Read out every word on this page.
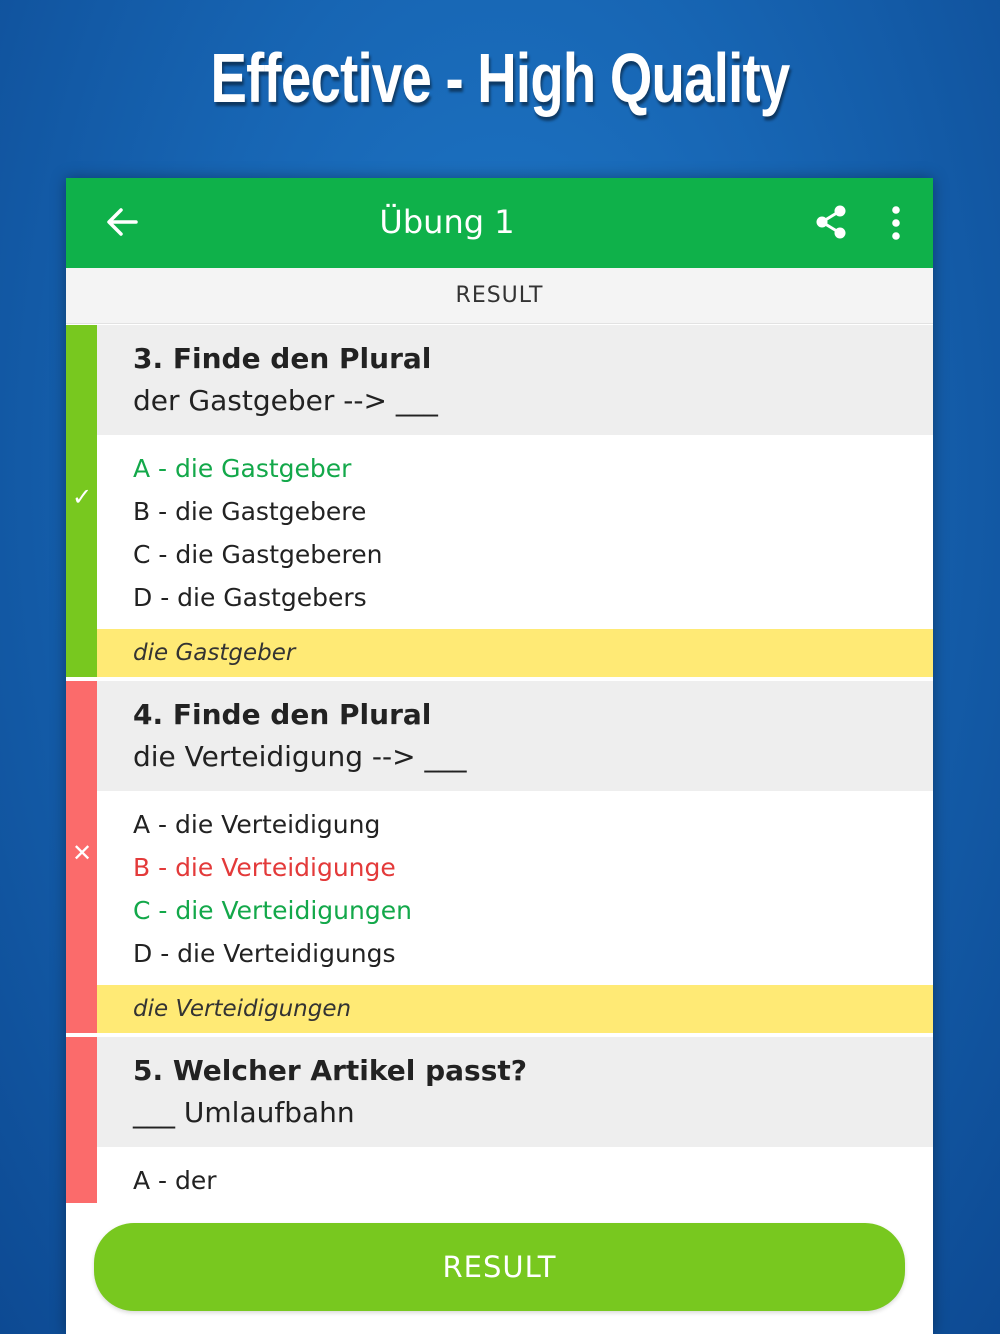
Effective - High Quality
Übung 1
RESULT
✓
3. Finde den Plural
der Gastgeber --> ___
A - die Gastgeber
B - die Gastgebere
C - die Gastgeberen
D - die Gastgebers
die Gastgeber
✕
4. Finde den Plural
die Verteidigung --> ___
A - die Verteidigung
B - die Verteidigunge
C - die Verteidigungen
D - die Verteidigungs
die Verteidigungen
5. Welcher Artikel passt?
___ Umlaufbahn
A - der
RESULT
